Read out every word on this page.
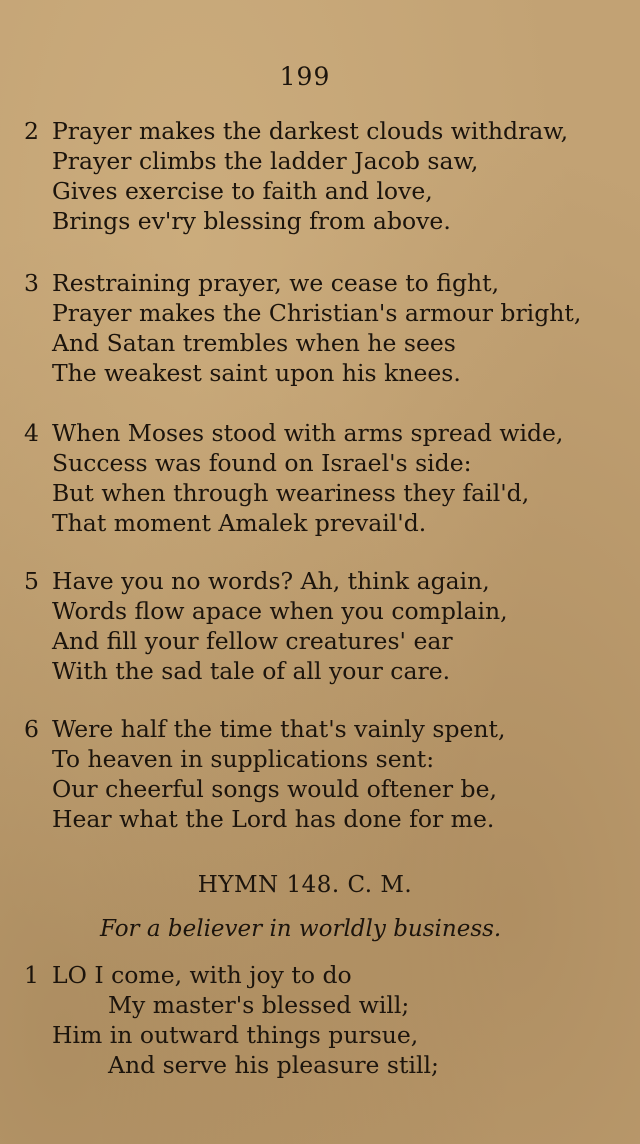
199
2 Prayer makes the darkest clouds withdraw,
Prayer climbs the ladder Jacob saw,
Gives exercise to faith and love,
Brings ev'ry blessing from above.
3 Restraining prayer, we cease to fight,
Prayer makes the Christian's armour bright,
And Satan trembles when he sees
The weakest saint upon his knees.
4 When Moses stood with arms spread wide,
Success was found on Israel's side:
But when through weariness they fail'd,
That moment Amalek prevail'd.
5 Have you no words? Ah, think again,
Words flow apace when you complain,
And fill your fellow creatures' ear
With the sad tale of all your care.
6 Were half the time that's vainly spent,
To heaven in supplications sent:
Our cheerful songs would oftener be,
Hear what the Lord has done for me.
HYMN 148. C. M.
For a believer in worldly business.
1 LO I come, with joy to do
My master's blessed will;
Him in outward things pursue,
And serve his pleasure still;
